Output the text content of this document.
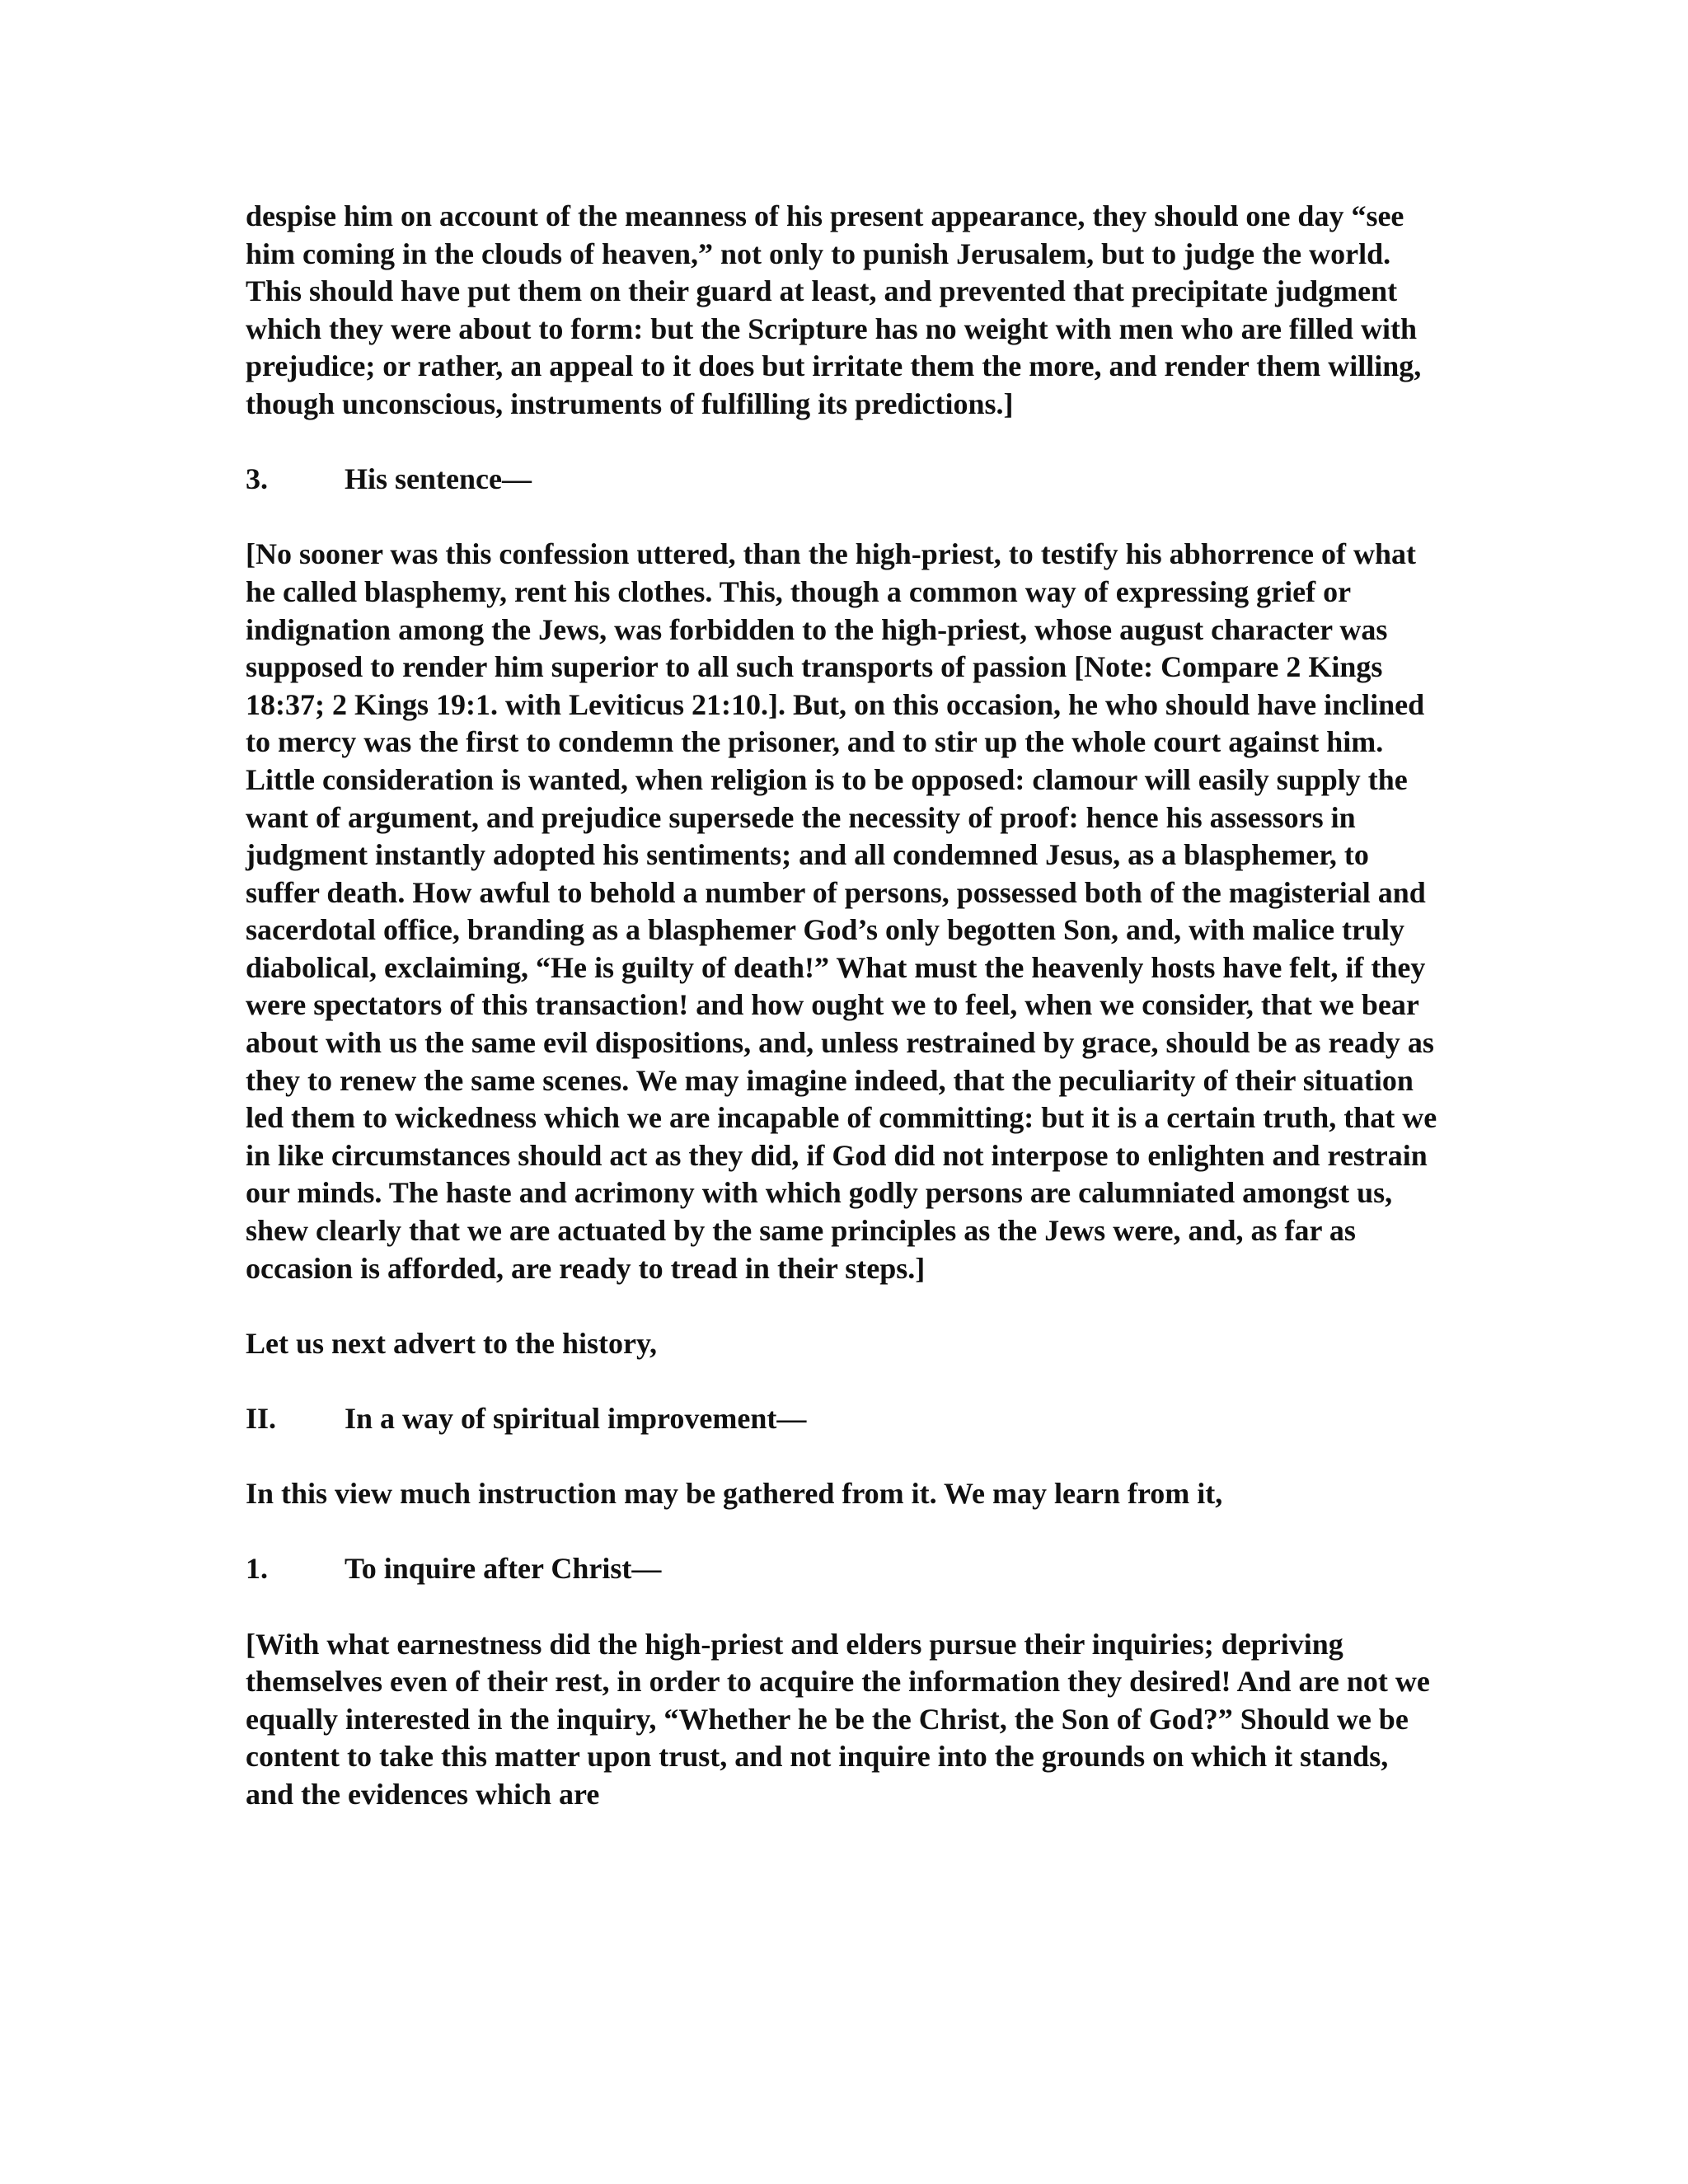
despise him on account of the meanness of his present appearance, they should one day “see him coming in the clouds of heaven,” not only to punish Jerusalem, but to judge the world. This should have put them on their guard at least, and prevented that precipitate judgment which they were about to form: but the Scripture has no weight with men who are filled with prejudice; or rather, an appeal to it does but irritate them the more, and render them willing, though unconscious, instruments of fulfilling its predictions.]

3.	His sentence—

[No sooner was this confession uttered, than the high-priest, to testify his abhorrence of what he called blasphemy, rent his clothes. This, though a common way of expressing grief or indignation among the Jews, was forbidden to the high-priest, whose august character was supposed to render him superior to all such transports of passion [Note: Compare 2 Kings 18:37; 2 Kings 19:1. with Leviticus 21:10.]. But, on this occasion, he who should have inclined to mercy was the first to condemn the prisoner, and to stir up the whole court against him. Little consideration is wanted, when religion is to be opposed: clamour will easily supply the want of argument, and prejudice supersede the necessity of proof: hence his assessors in judgment instantly adopted his sentiments; and all condemned Jesus, as a blasphemer, to suffer death. How awful to behold a number of persons, possessed both of the magisterial and sacerdotal office, branding as a blasphemer God’s only begotten Son, and, with malice truly diabolical, exclaiming, “He is guilty of death!” What must the heavenly hosts have felt, if they were spectators of this transaction! and how ought we to feel, when we consider, that we bear about with us the same evil dispositions, and, unless restrained by grace, should be as ready as they to renew the same scenes. We may imagine indeed, that the peculiarity of their situation led them to wickedness which we are incapable of committing: but it is a certain truth, that we in like circumstances should act as they did, if God did not interpose to enlighten and restrain our minds. The haste and acrimony with which godly persons are calumniated amongst us, shew clearly that we are actuated by the same principles as the Jews were, and, as far as occasion is afforded, are ready to tread in their steps.]

Let us next advert to the history,

II.	In a way of spiritual improvement—

In this view much instruction may be gathered from it. We may learn from it,

1.	To inquire after Christ—

[With what earnestness did the high-priest and elders pursue their inquiries; depriving themselves even of their rest, in order to acquire the information they desired! And are not we equally interested in the inquiry, “Whether he be the Christ, the Son of God?” Should we be content to take this matter upon trust, and not inquire into the grounds on which it stands, and the evidences which are
